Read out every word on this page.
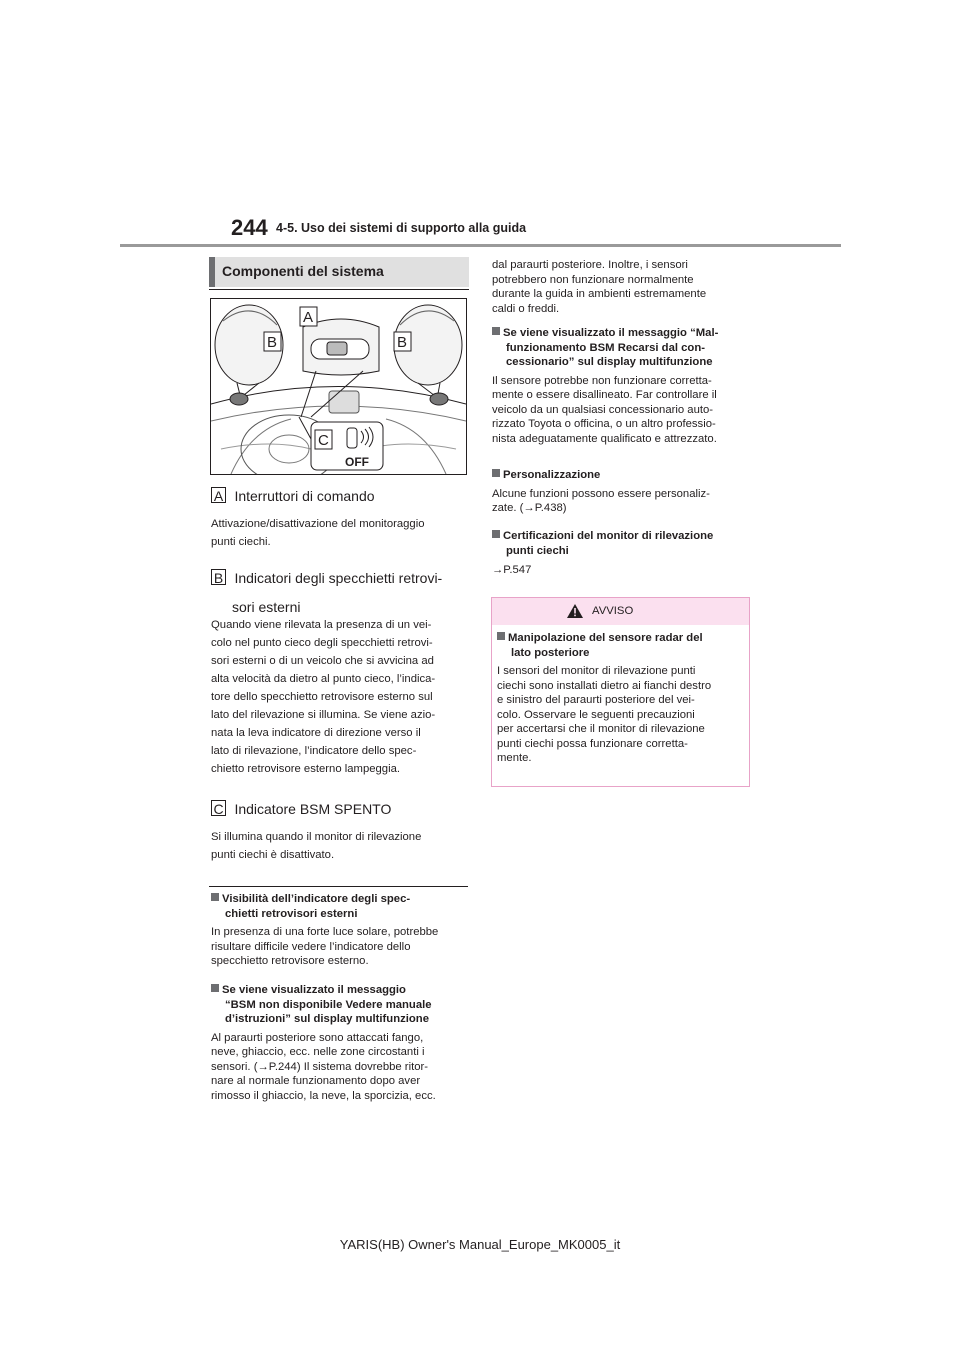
244 4-5. Uso dei sistemi di supporto alla guida
Componenti del sistema
A
B	B
C
OFF
A Interruttori di comando
Attivazione/disattivazione del monitoraggio
punti ciechi.
B Indicatori degli specchietti retrovi-
sori esterni
Quando viene rilevata la presenza di un vei-
colo nel punto cieco degli specchietti retrovi-
sori esterni o di un veicolo che si avvicina ad
alta velocità da dietro al punto cieco, l’indica-
tore dello specchietto retrovisore esterno sul
lato del rilevazione si illumina. Se viene azio-
nata la leva indicatore di direzione verso il
lato di rilevazione, l’indicatore dello spec-
chietto retrovisore esterno lampeggia.
C Indicatore BSM SPENTO
Si illumina quando il monitor di rilevazione
punti ciechi è disattivato.
Visibilità dell’indicatore degli spec-
chietti retrovisori esterni
In presenza di una forte luce solare, potrebbe
risultare difficile vedere l’indicatore dello
specchietto retrovisore esterno.
Se viene visualizzato il messaggio
“BSM non disponibile Vedere manuale
d’istruzioni” sul display multifunzione
Al paraurti posteriore sono attaccati fango,
neve, ghiaccio, ecc. nelle zone circostanti i
sensori. (→P.244) Il sistema dovrebbe ritor-
nare al normale funzionamento dopo aver
rimosso il ghiaccio, la neve, la sporcizia, ecc.
dal paraurti posteriore. Inoltre, i sensori
potrebbero non funzionare normalmente
durante la guida in ambienti estremamente
caldi o freddi.
Se viene visualizzato il messaggio “Mal-
funzionamento BSM Recarsi dal con-
cessionario” sul display multifunzione
Il sensore potrebbe non funzionare corretta-
mente o essere disallineato. Far controllare il
veicolo da un qualsiasi concessionario auto-
rizzato Toyota o officina, o un altro professio-
nista adeguatamente qualificato e attrezzato.
Personalizzazione
Alcune funzioni possono essere personaliz-
zate. (→P.438)
Certificazioni del monitor di rilevazione
punti ciechi
→P.547
AVVISO
Manipolazione del sensore radar del
lato posteriore
I sensori del monitor di rilevazione punti
ciechi sono installati dietro ai fianchi destro
e sinistro del paraurti posteriore del vei-
colo. Osservare le seguenti precauzioni
per accertarsi che il monitor di rilevazione
punti ciechi possa funzionare corretta-
mente.
YARIS(HB) Owner's Manual_Europe_MK0005_it
